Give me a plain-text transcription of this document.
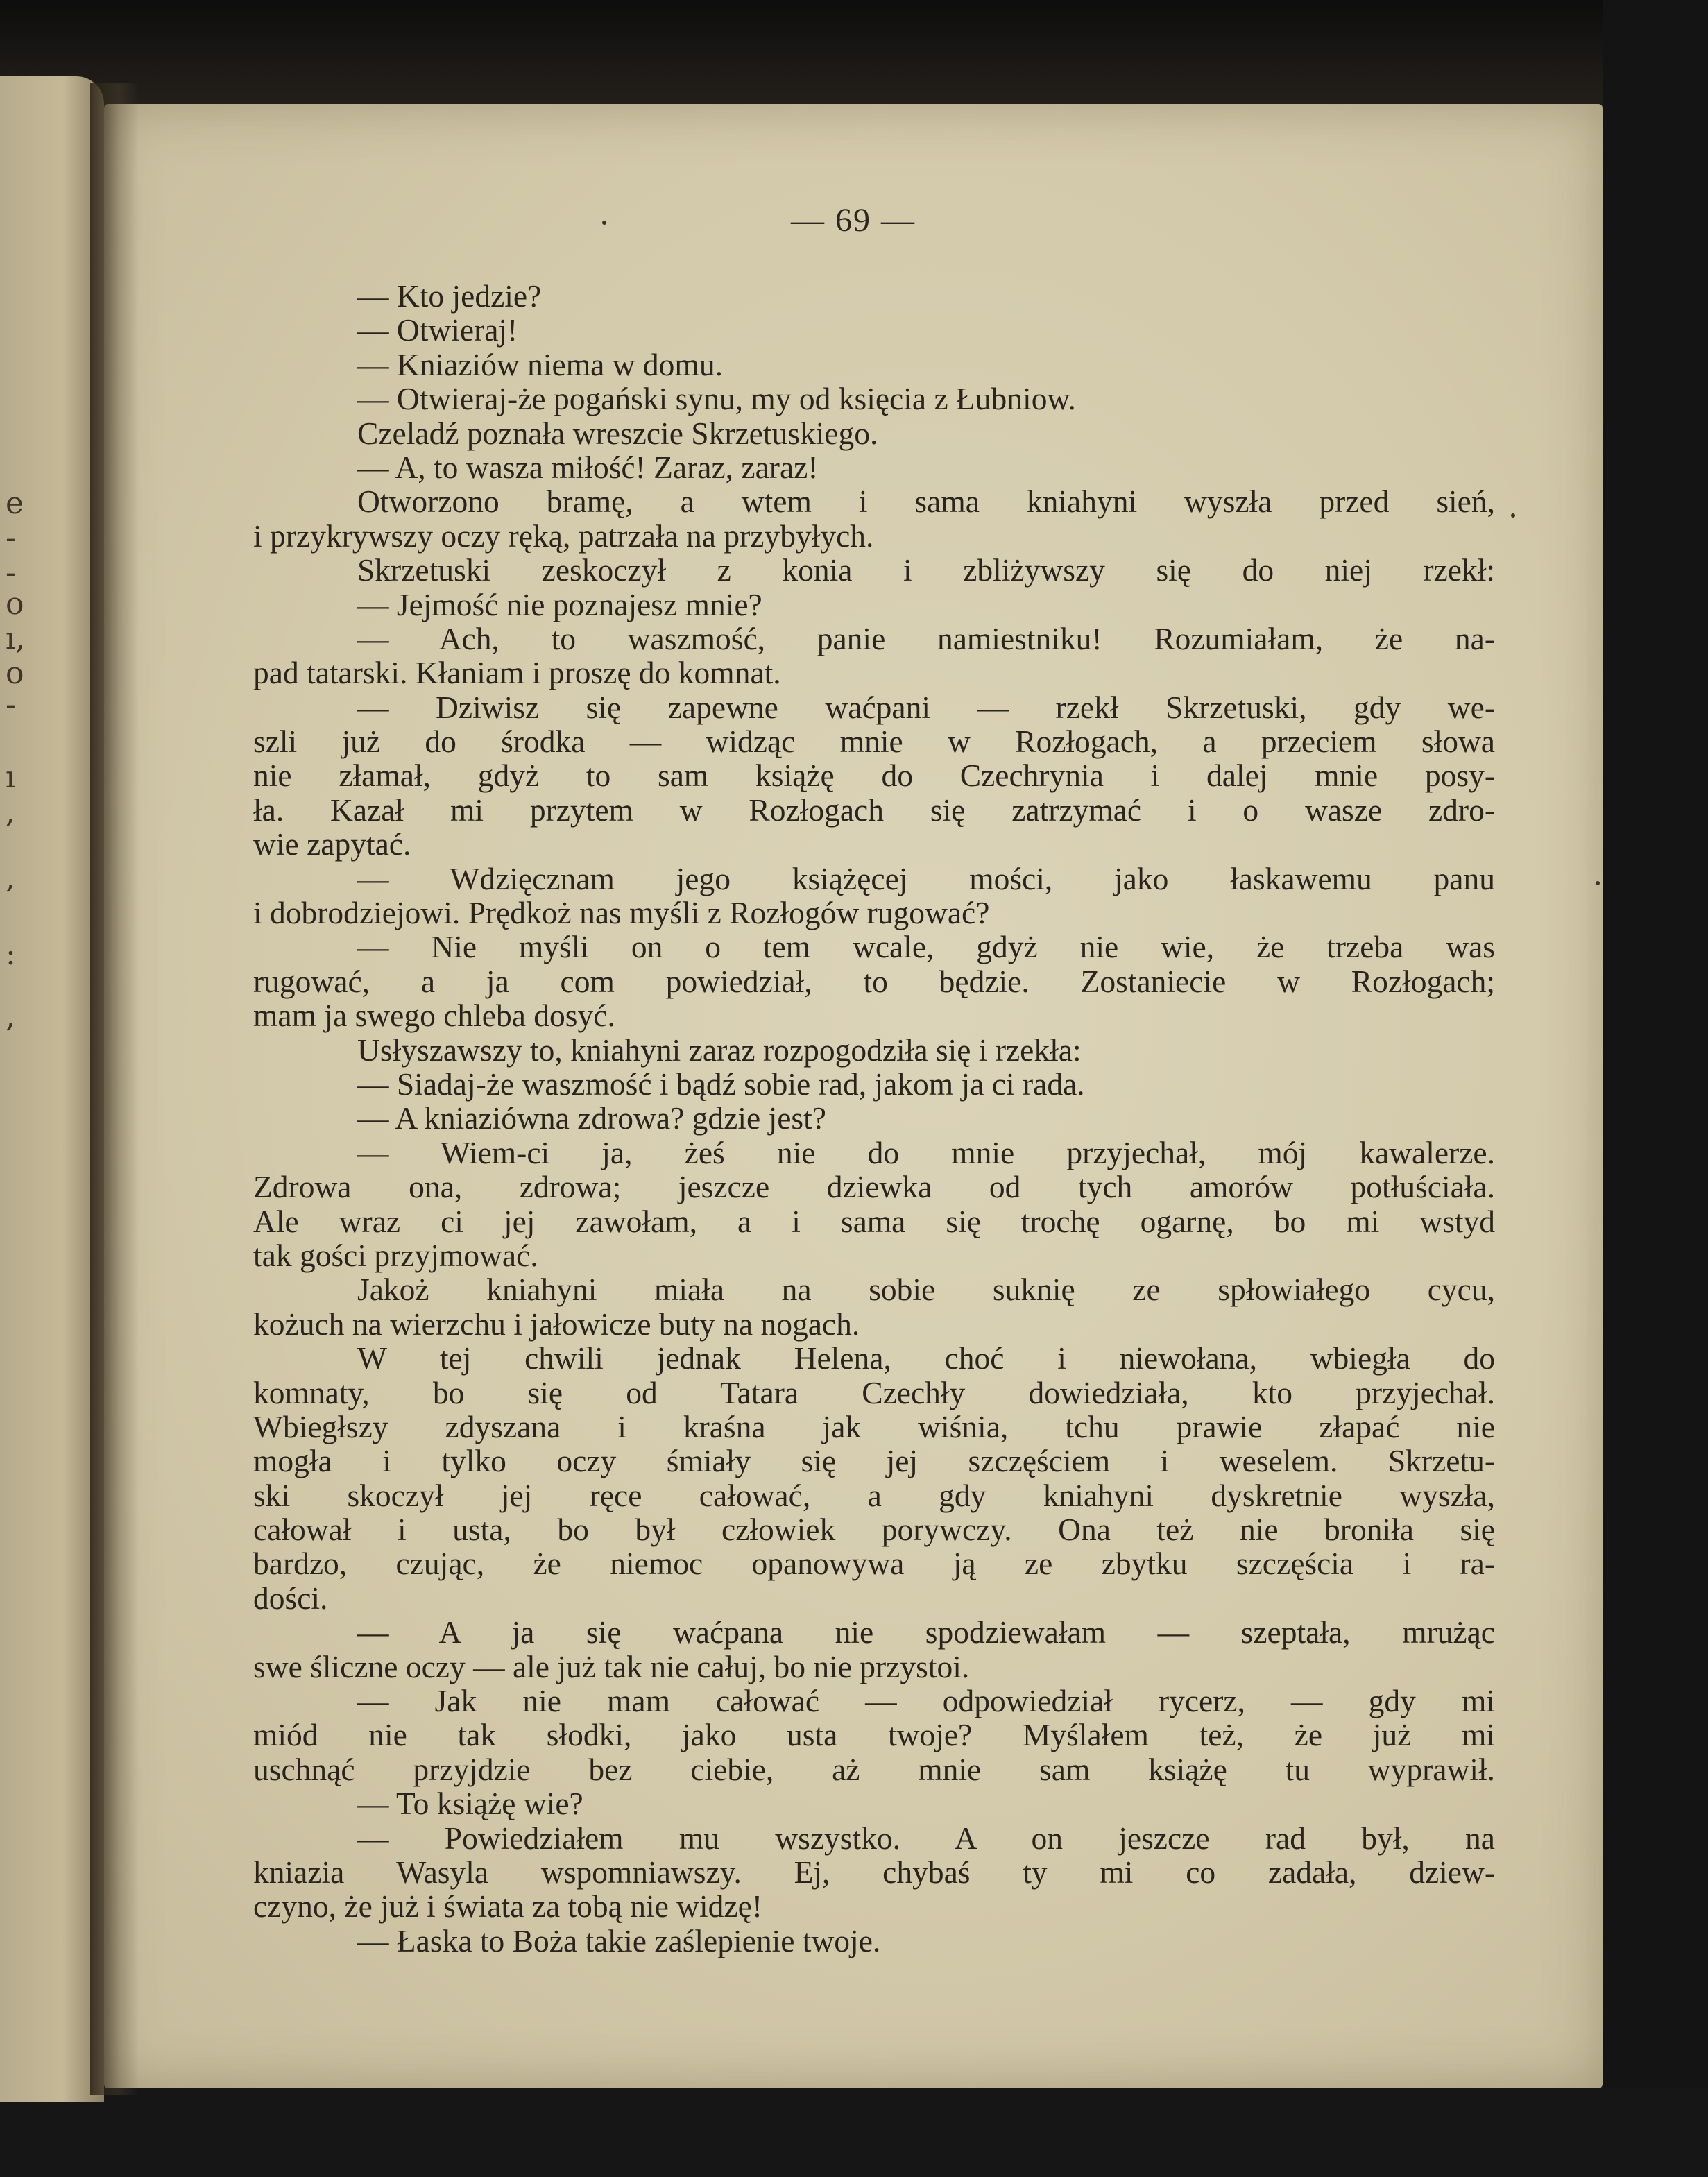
e
-
-
o
ı,
o
-
ı
,
,
:
,
— 69 —
— Kto jedzie?
— Otwieraj!
— Kniaziów niema w domu.
— Otwieraj-że pogański synu, my od księcia z Łubniow.
Czeladź poznała wreszcie Skrzetuskiego.
— A, to wasza miłość! Zaraz, zaraz!
Otworzono bramę, a wtem i sama kniahyni wyszła przed sień,
i przykrywszy oczy ręką, patrzała na przybyłych.
Skrzetuski zeskoczył z konia i zbliżywszy się do niej rzekł:
— Jejmość nie poznajesz mnie?
— Ach, to waszmość, panie namiestniku! Rozumiałam, że na-
pad tatarski. Kłaniam i proszę do komnat.
— Dziwisz się zapewne waćpani — rzekł Skrzetuski, gdy we-
szli już do środka — widząc mnie w Rozłogach, a przeciem słowa
nie złamał, gdyż to sam książę do Czechrynia i dalej mnie posy-
ła. Kazał mi przytem w Rozłogach się zatrzymać i o wasze zdro-
wie zapytać.
— Wdzięcznam jego książęcej mości, jako łaskawemu panu
i dobrodziejowi. Prędkoż nas myśli z Rozłogów rugować?
— Nie myśli on o tem wcale, gdyż nie wie, że trzeba was
rugować, a ja com powiedział, to będzie. Zostaniecie w Rozłogach;
mam ja swego chleba dosyć.
Usłyszawszy to, kniahyni zaraz rozpogodziła się i rzekła:
— Siadaj-że waszmość i bądź sobie rad, jakom ja ci rada.
— A kniaziówna zdrowa? gdzie jest?
— Wiem-ci ja, żeś nie do mnie przyjechał, mój kawalerze.
Zdrowa ona, zdrowa; jeszcze dziewka od tych amorów potłuściała.
Ale wraz ci jej zawołam, a i sama się trochę ogarnę, bo mi wstyd
tak gości przyjmować.
Jakoż kniahyni miała na sobie suknię ze spłowiałego cycu,
kożuch na wierzchu i jałowicze buty na nogach.
W tej chwili jednak Helena, choć i niewołana, wbiegła do
komnaty, bo się od Tatara Czechły dowiedziała, kto przyjechał.
Wbiegłszy zdyszana i kraśna jak wiśnia, tchu prawie złapać nie
mogła i tylko oczy śmiały się jej szczęściem i weselem. Skrzetu-
ski skoczył jej ręce całować, a gdy kniahyni dyskretnie wyszła,
całował i usta, bo był człowiek porywczy. Ona też nie broniła się
bardzo, czując, że niemoc opanowywa ją ze zbytku szczęścia i ra-
dości.
— A ja się waćpana nie spodziewałam — szeptała, mrużąc
swe śliczne oczy — ale już tak nie całuj, bo nie przystoi.
— Jak nie mam całować — odpowiedział rycerz, — gdy mi
miód nie tak słodki, jako usta twoje? Myślałem też, że już mi
uschnąć przyjdzie bez ciebie, aż mnie sam książę tu wyprawił.
— To książę wie?
— Powiedziałem mu wszystko. A on jeszcze rad był, na
kniazia Wasyla wspomniawszy. Ej, chybaś ty mi co zadała, dziew-
czyno, że już i świata za tobą nie widzę!
— Łaska to Boża takie zaślepienie twoje.
